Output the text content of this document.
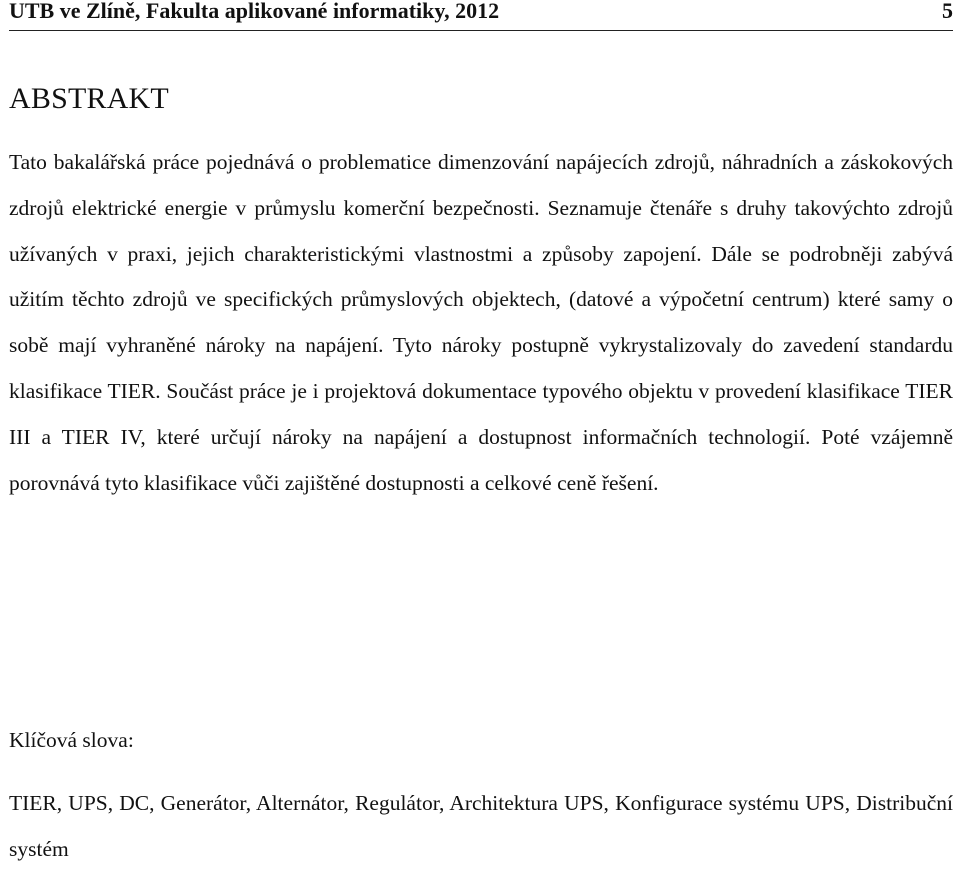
UTB ve Zlíně, Fakulta aplikované informatiky, 2012	5
ABSTRAKT

Tato bakalářská práce pojednává o problematice dimenzování napájecích zdrojů, náhradních a záskokových zdrojů elektrické energie v průmyslu komerční bezpečnosti. Seznamuje čtenáře s druhy takovýchto zdrojů užívaných v praxi, jejich charakteristickými vlastnostmi a způsoby zapojení. Dále se podrobněji zabývá užitím těchto zdrojů ve specifických průmyslových objektech, (datové a výpočetní centrum) které samy o sobě mají vyhraněné nároky na napájení. Tyto nároky postupně vykrystalizovaly do zavedení standardu klasifikace TIER. Součást práce je i projektová dokumentace typového objektu v provedení klasifikace TIER III a TIER IV, které určují nároky na napájení a dostupnost informačních technologií. Poté vzájemně porovnává tyto klasifikace vůči zajištěné dostupnosti a celkové ceně řešení.

Klíčová slova:

TIER, UPS, DC, Generátor, Alternátor, Regulátor, Architektura UPS, Konfigurace systému UPS, Distribuční systém
